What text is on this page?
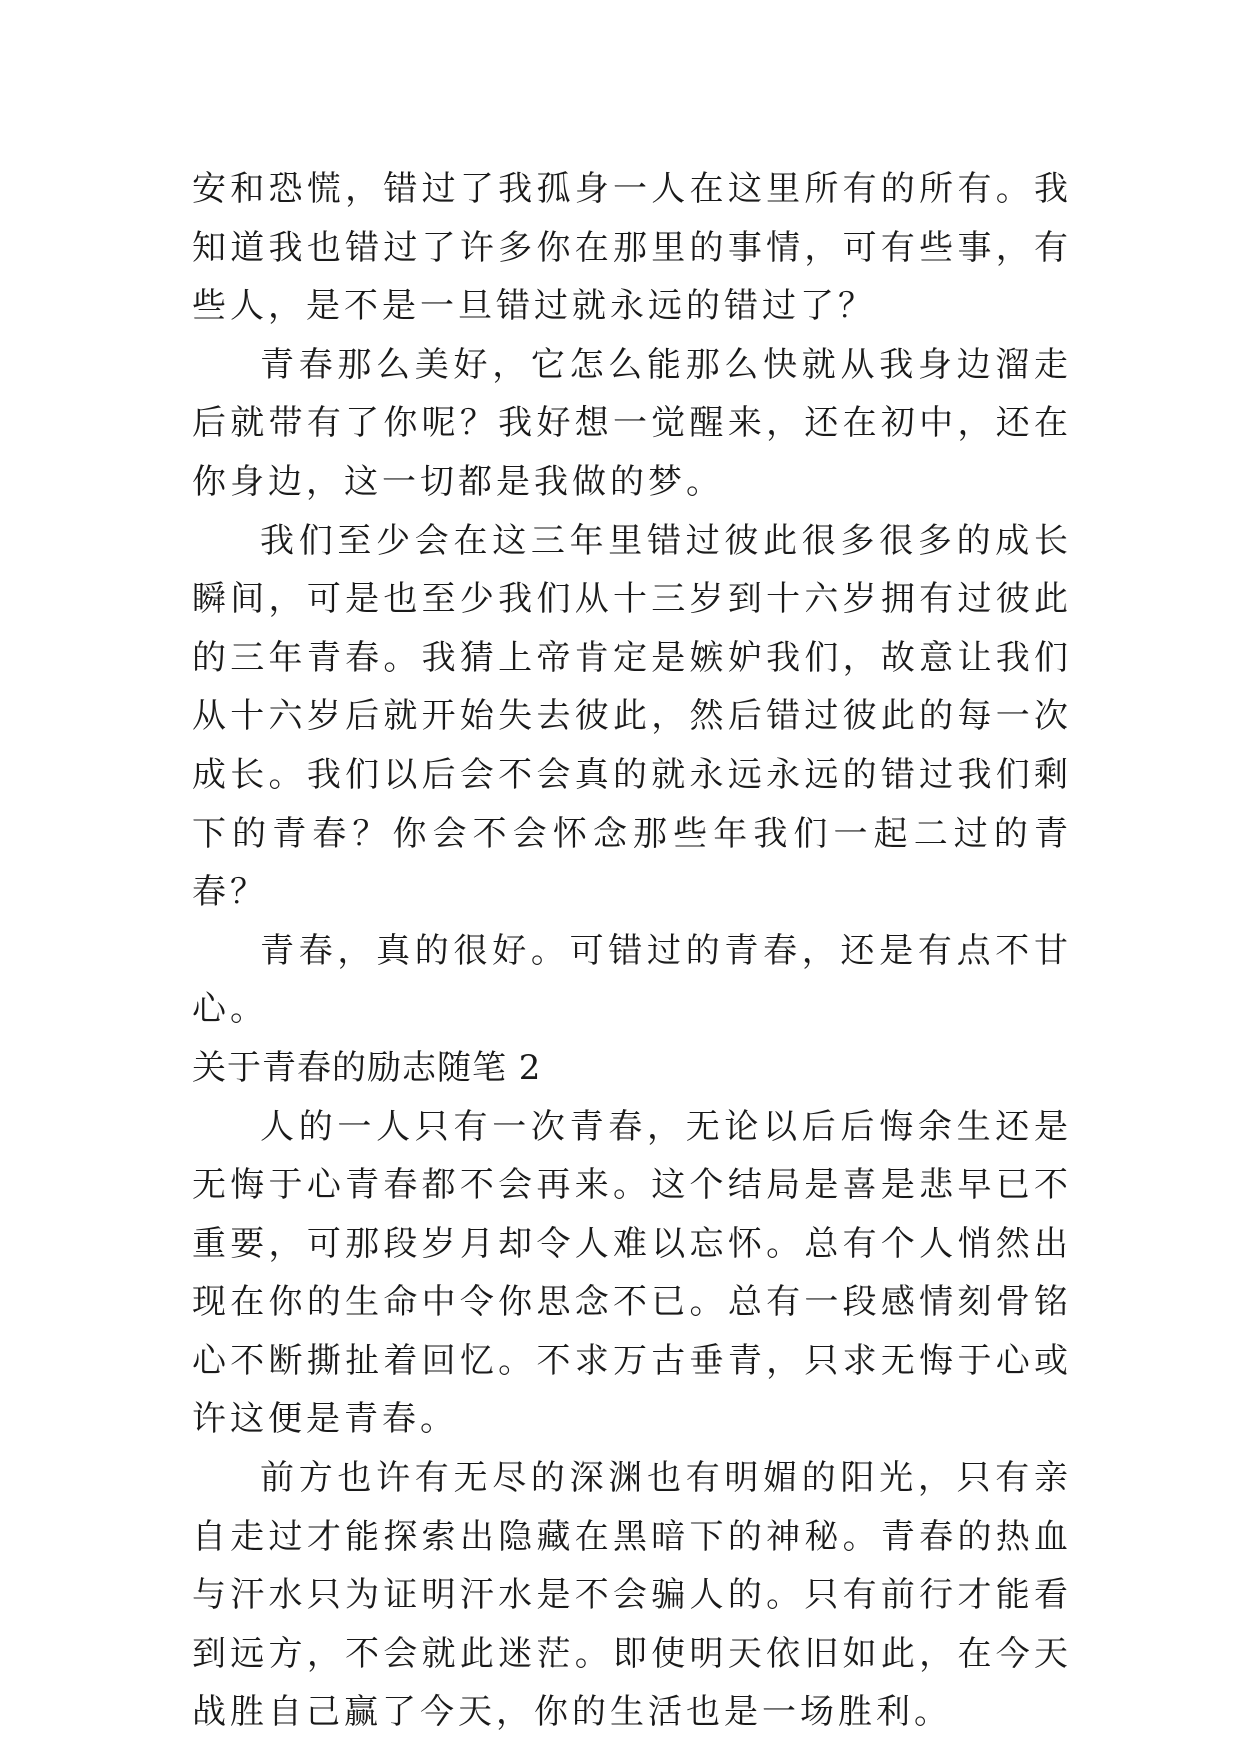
安和恐慌，错过了我孤身一人在这里所有的所有。我知道我也错过了许多你在那里的事情，可有些事，有些人，是不是一旦错过就永远的错过了？

青春那么美好，它怎么能那么快就从我身边溜走后就带有了你呢？我好想一觉醒来，还在初中，还在你身边，这一切都是我做的梦。

我们至少会在这三年里错过彼此很多很多的成长瞬间，可是也至少我们从十三岁到十六岁拥有过彼此的三年青春。我猜上帝肯定是嫉妒我们，故意让我们从十六岁后就开始失去彼此，然后错过彼此的每一次成长。我们以后会不会真的就永远永远的错过我们剩下的青春？你会不会怀念那些年我们一起二过的青春？

青春，真的很好。可错过的青春，还是有点不甘心。

关于青春的励志随笔 2

人的一人只有一次青春，无论以后后悔余生还是无悔于心青春都不会再来。这个结局是喜是悲早已不重要，可那段岁月却令人难以忘怀。总有个人悄然出现在你的生命中令你思念不已。总有一段感情刻骨铭心不断撕扯着回忆。不求万古垂青，只求无悔于心或许这便是青春。

前方也许有无尽的深渊也有明媚的阳光，只有亲自走过才能探索出隐藏在黑暗下的神秘。青春的热血与汗水只为证明汗水是不会骗人的。只有前行才能看到远方，不会就此迷茫。即使明天依旧如此，在今天战胜自己赢了今天，你的生活也是一场胜利。
